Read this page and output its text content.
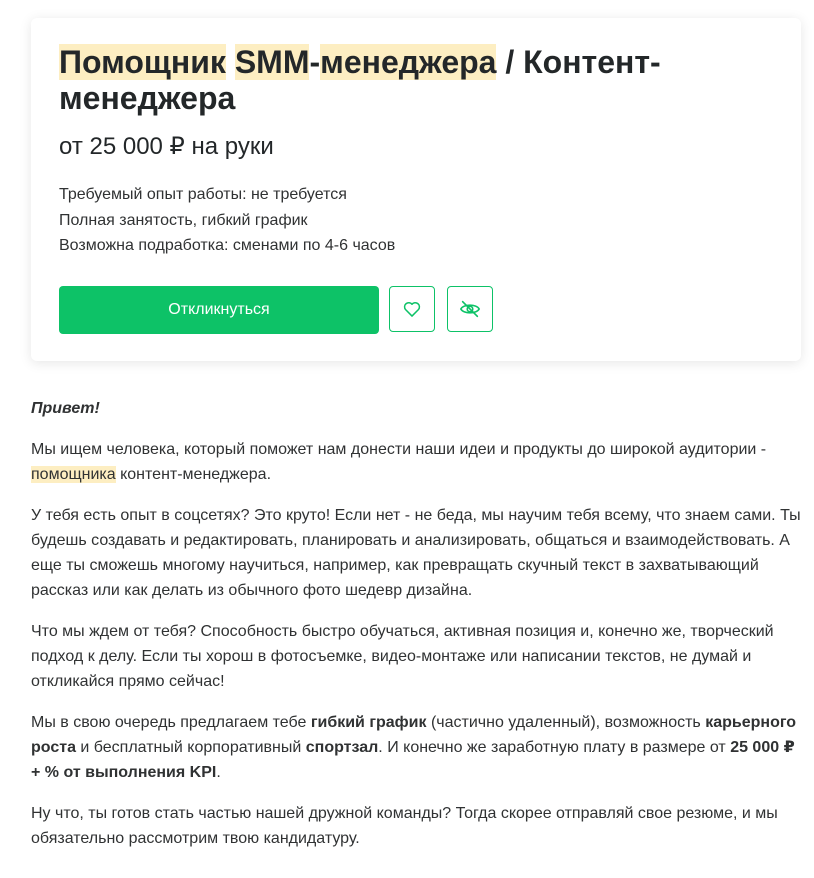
Помощник SMM-менеджера / Контент-менеджера
от 25 000 ₽ на руки
Требуемый опыт работы: не требуется
Полная занятость, гибкий график
Возможна подработка: сменами по 4-6 часов
Откликнуться

Привет!

Мы ищем человека, который поможет нам донести наши идеи и продукты до широкой аудитории - помощника контент-менеджера.

У тебя есть опыт в соцсетях? Это круто! Если нет - не беда, мы научим тебя всему, что знаем сами. Ты будешь создавать и редактировать, планировать и анализировать, общаться и взаимодействовать. А еще ты сможешь многому научиться, например, как превращать скучный текст в захватывающий рассказ или как делать из обычного фото шедевр дизайна.

Что мы ждем от тебя? Способность быстро обучаться, активная позиция и, конечно же, творческий подход к делу. Если ты хорош в фотосъемке, видео-монтаже или написании текстов, не думай и откликайся прямо сейчас!

Мы в свою очередь предлагаем тебе гибкий график (частично удаленный), возможность карьерного роста и бесплатный корпоративный спортзал. И конечно же заработную плату в размере от 25 000 ₽ + % от выполнения KPI.

Ну что, ты готов стать частью нашей дружной команды? Тогда скорее отправляй свое резюме, и мы обязательно рассмотрим твою кандидатуру.
